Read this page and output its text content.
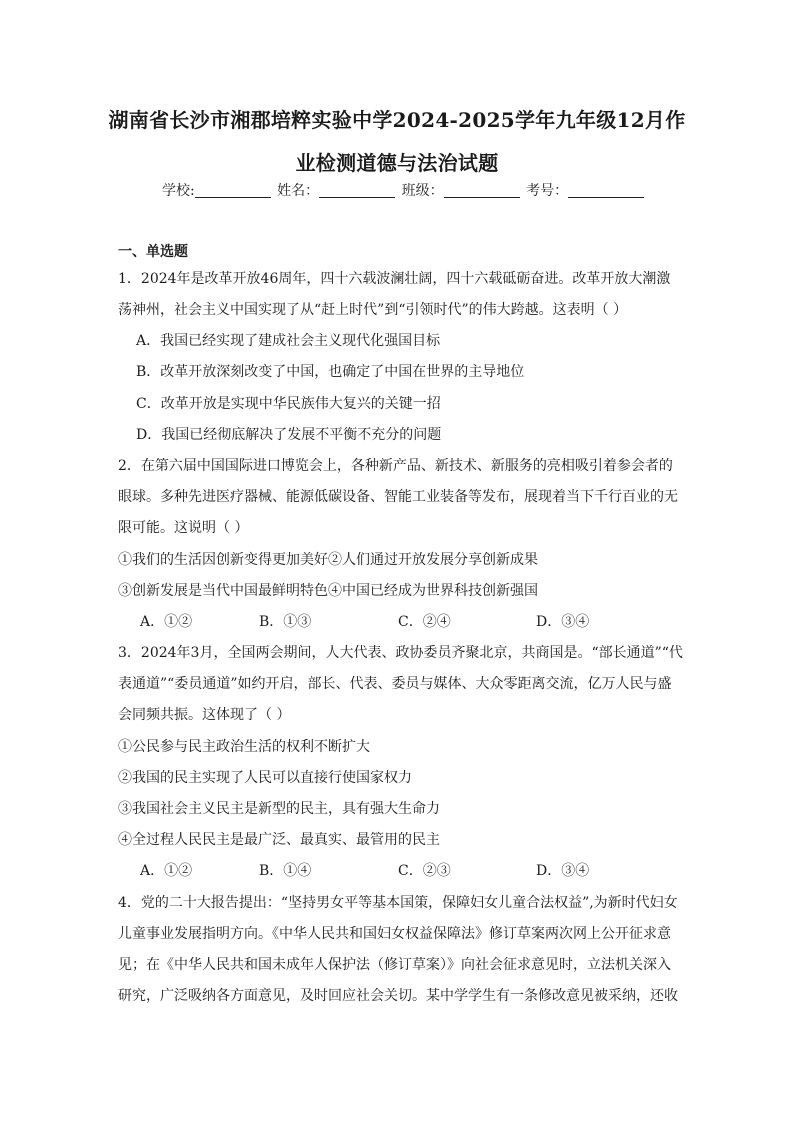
湖南省长沙市湘郡培粹实验中学2024-2025学年九年级12月作
业检测道德与法治试题
学校:	姓名：	班级：	考号：
一、单选题
1．2024年是改革开放46周年，四十六载波澜壮阔，四十六载砥砺奋进。改革开放大潮激
荡神州，社会主义中国实现了从“赶上时代”到“引领时代”的伟大跨越。这表明（ ）
A．我国已经实现了建成社会主义现代化强国目标
B．改革开放深刻改变了中国，也确定了中国在世界的主导地位
C．改革开放是实现中华民族伟大复兴的关键一招
D．我国已经彻底解决了发展不平衡不充分的问题
2．在第六届中国国际进口博览会上，各种新产品、新技术、新服务的亮相吸引着参会者的
眼球。多种先进医疗器械、能源低碳设备、智能工业装备等发布，展现着当下千行百业的无
限可能。这说明（ ）
①我们的生活因创新变得更加美好②人们通过开放发展分享创新成果
③创新发展是当代中国最鲜明特色④中国已经成为世界科技创新强国
A．①②	B．①③	C．②④	D．③④
3．2024年3月，全国两会期间，人大代表、政协委员齐聚北京，共商国是。“部长通道”“代
表通道”“委员通道”如约开启，部长、代表、委员与媒体、大众零距离交流，亿万人民与盛
会同频共振。这体现了（ ）
①公民参与民主政治生活的权利不断扩大
②我国的民主实现了人民可以直接行使国家权力
③我国社会主义民主是新型的民主，具有强大生命力
④全过程人民民主是最广泛、最真实、最管用的民主
A．①②	B．①④	C．②③	D．③④
4．党的二十大报告提出：“坚持男女平等基本国策，保障妇女儿童合法权益”,为新时代妇女
儿童事业发展指明方向。《中华人民共和国妇女权益保障法》修订草案两次网上公开征求意
见；在《中华人民共和国未成年人保护法（修订草案）》向社会征求意见时，立法机关深入
研究，广泛吸纳各方面意见，及时回应社会关切。某中学学生有一条修改意见被采纳，还收
